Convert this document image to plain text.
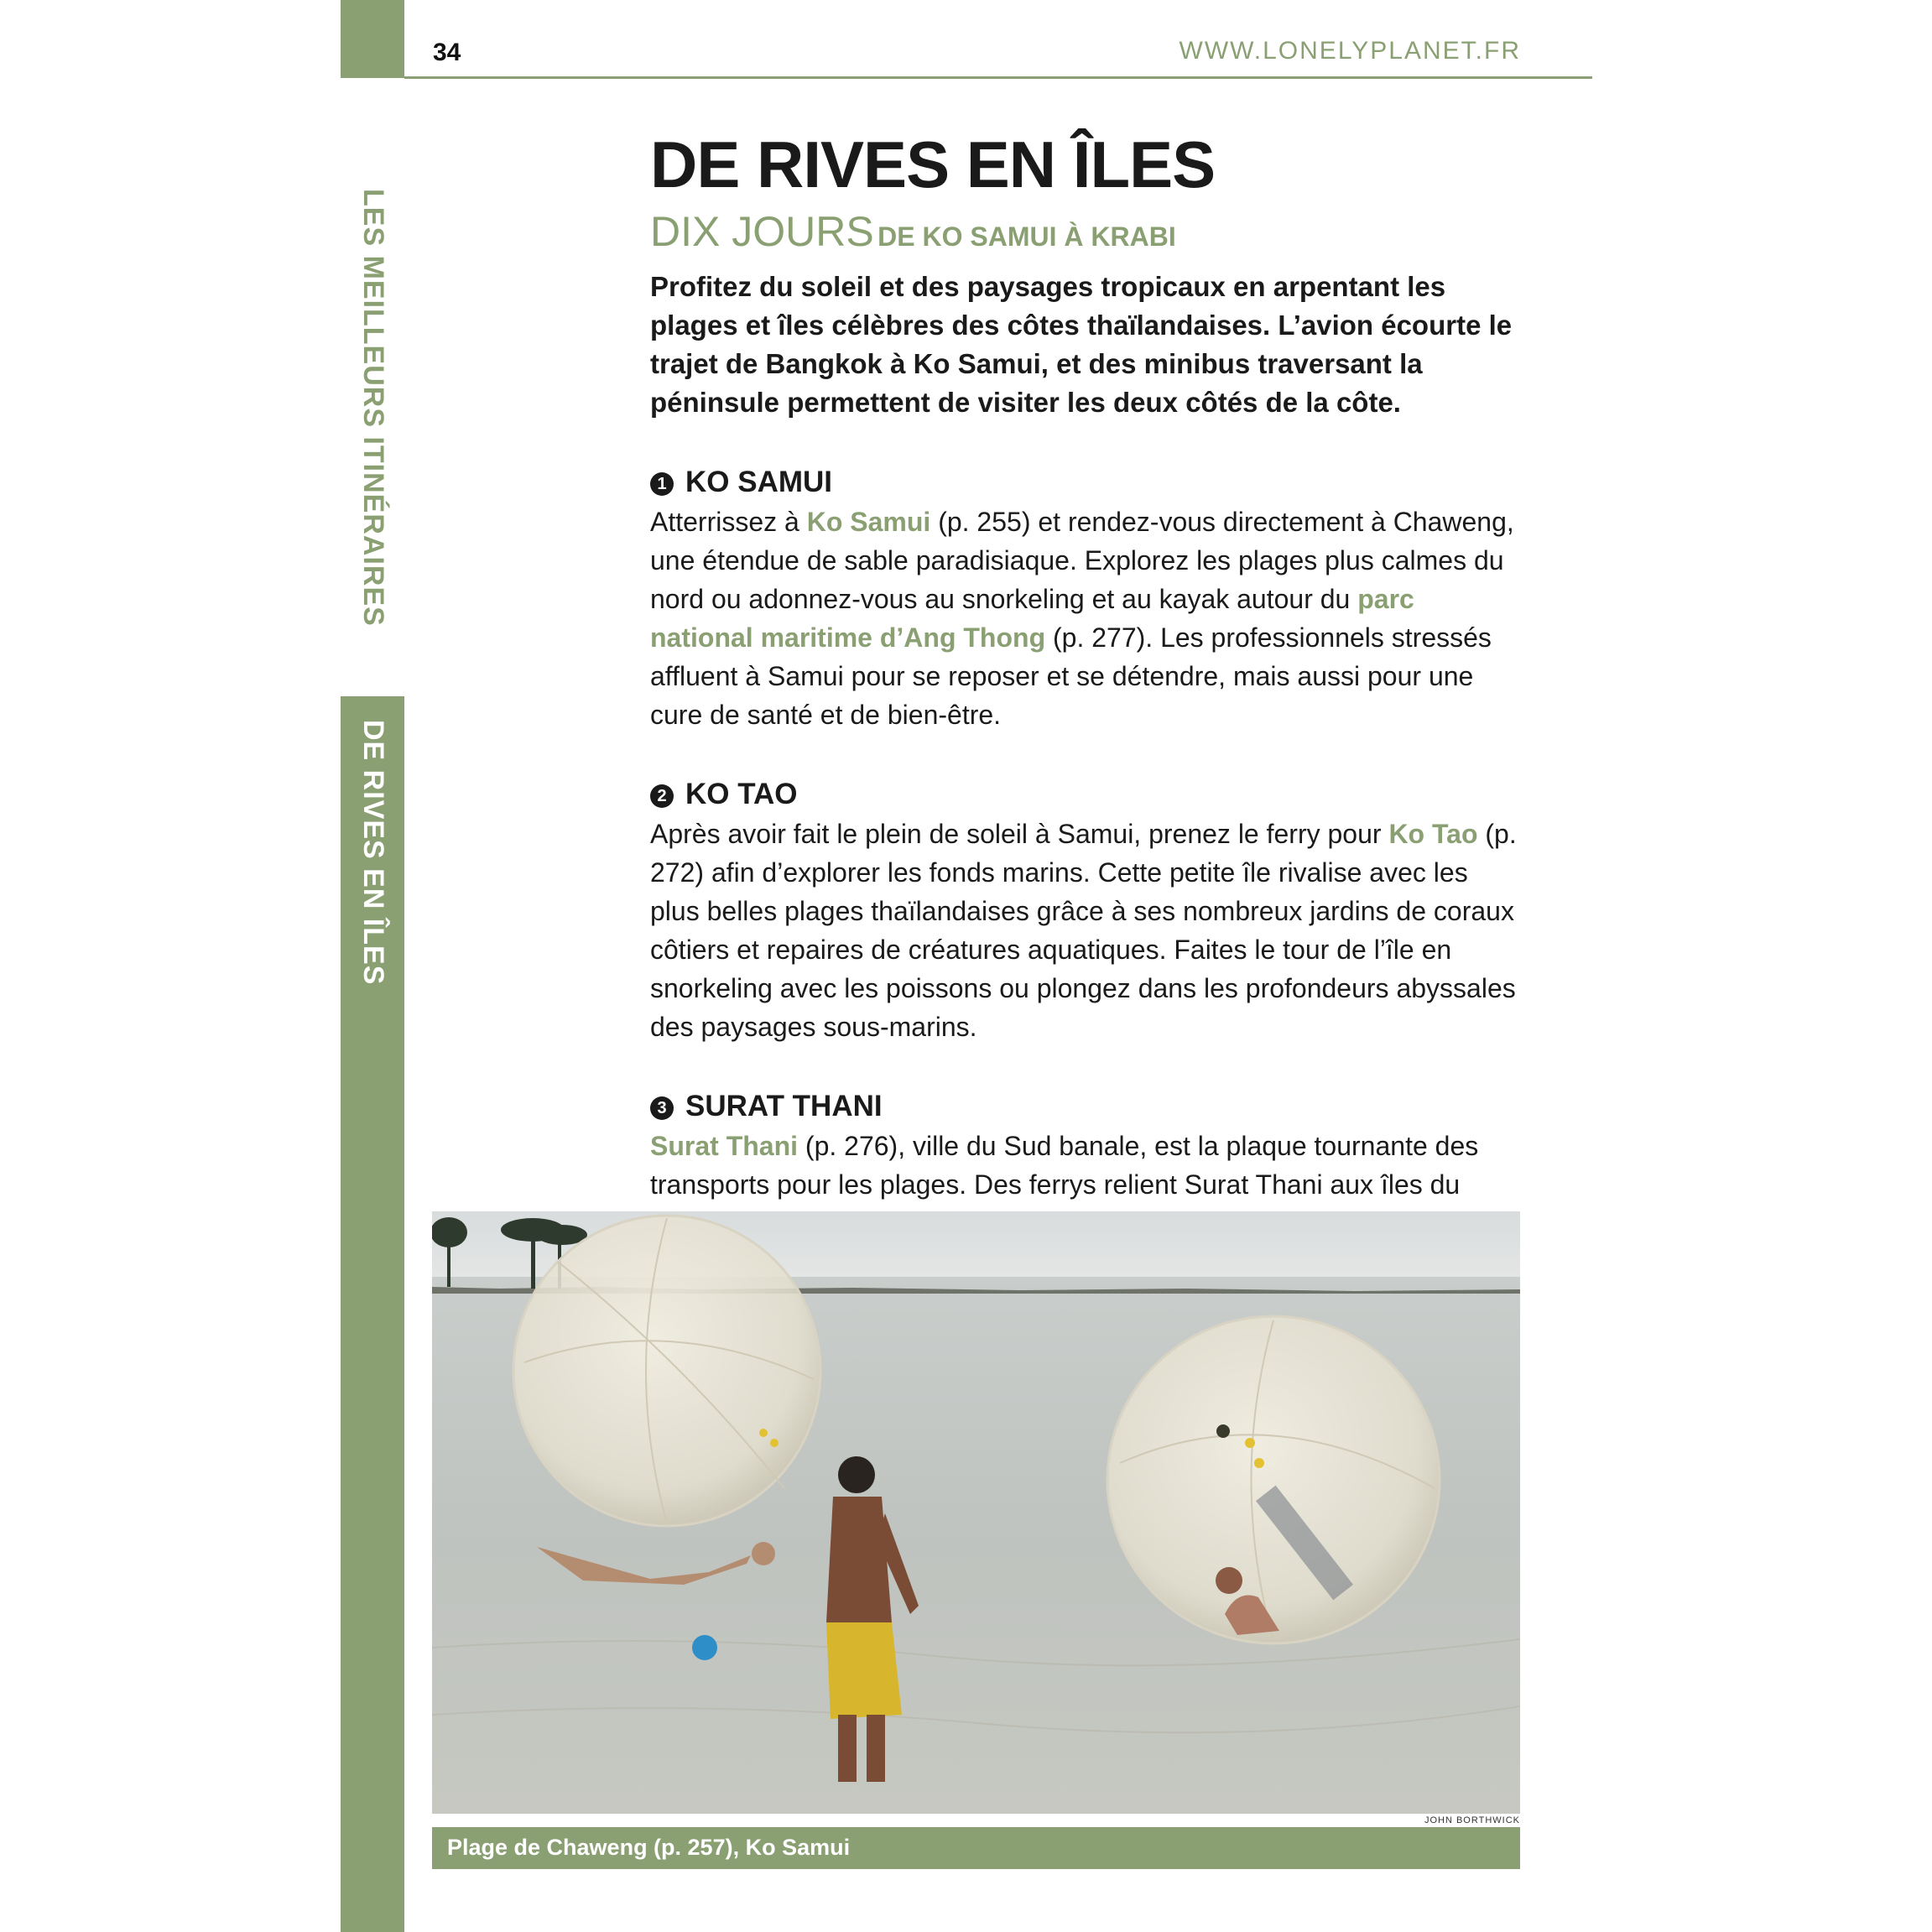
LES MEILLEURS ITINÉRAIRES
DE RIVES EN ÎLES
34	WWW.LONELYPLANET.FR
DE RIVES EN ÎLES
DIX JOURS DE KO SAMUI À KRABI

Profitez du soleil et des paysages tropicaux en arpentant les plages et îles célèbres des côtes thaïlandaises. L’avion écourte le trajet de Bangkok à Ko Samui, et des minibus traversant la péninsule permettent de visiter les deux côtés de la côte.

1 KO SAMUI

Atterrissez à Ko Samui (p. 255) et rendez-vous directement à Chaweng, une étendue de sable paradisiaque. Explorez les plages plus calmes du nord ou adonnez-vous au snorkeling et au kayak autour du parc national maritime d’Ang Thong (p. 277). Les professionnels stressés affluent à Samui pour se reposer et se détendre, mais aussi pour une cure de santé et de bien-être.

2 KO TAO

Après avoir fait le plein de soleil à Samui, prenez le ferry pour Ko Tao (p. 272) afin d’explorer les fonds marins. Cette petite île rivalise avec les plus belles plages thaïlandaises grâce à ses nombreux jardins de coraux côtiers et repaires de créatures aquatiques. Faites le tour de l’île en snorkeling avec les poissons ou plongez dans les profondeurs abyssales des paysages sous-marins.

3 SURAT THANI

Surat Thani (p. 276), ville du Sud banale, est la plaque tournante des transports pour les plages. Des ferrys relient Surat Thani aux îles du

JOHN BORTHWICK
Plage de Chaweng (p. 257), Ko Samui
